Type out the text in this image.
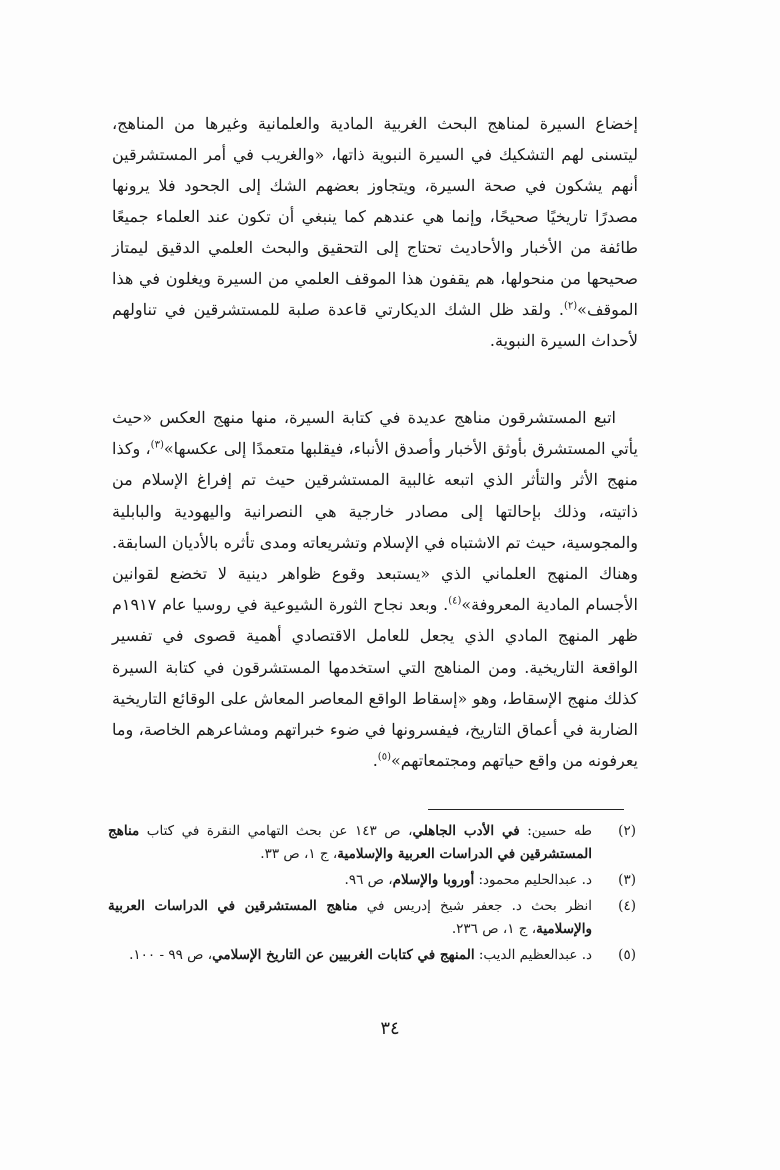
إخضاع السيرة لمناهج البحث الغربية المادية والعلمانية وغيرها من المناهج، ليتسنى لهم التشكيك في السيرة النبوية ذاتها، «والغريب في أمر المستشرقين أنهم يشكون في صحة السيرة، ويتجاوز بعضهم الشك إلى الجحود فلا يرونها مصدرًا تاريخيًا صحيحًا، وإنما هي عندهم كما ينبغي أن تكون عند العلماء جميعًا طائفة من الأخبار والأحاديث تحتاج إلى التحقيق والبحث العلمي الدقيق ليمتاز صحيحها من منحولها، هم يقفون هذا الموقف العلمي من السيرة ويغلون في هذا الموقف»$^{(٢)}$. ولقد ظل الشك الديكارتي قاعدة صلبة للمستشرقين في تناولهم لأحداث السيرة النبوية.

اتبع المستشرقون مناهج عديدة في كتابة السيرة، منها منهج العكس «حيث يأتي المستشرق بأوثق الأخبار وأصدق الأنباء، فيقلبها متعمدًا إلى عكسها»$^{(٣)}$، وكذا منهج الأثر والتأثر الذي اتبعه غالبية المستشرقين حيث تم إفراغ الإسلام من ذاتيته، وذلك بإحالتها إلى مصادر خارجية هي النصرانية واليهودية والبابلية والمجوسية، حيث تم الاشتباه في الإسلام وتشريعاته ومدى تأثره بالأديان السابقة. وهناك المنهج العلماني الذي «يستبعد وقوع ظواهر دينية لا تخضع لقوانين الأجسام المادية المعروفة»$^{(٤)}$. وبعد نجاح الثورة الشيوعية في روسيا عام ١٩١٧م ظهر المنهج المادي الذي يجعل للعامل الاقتصادي أهمية قصوى في تفسير الواقعة التاريخية. ومن المناهج التي استخدمها المستشرقون في كتابة السيرة كذلك منهج الإسقاط، وهو «إسقاط الواقع المعاصر المعاش على الوقائع التاريخية الضاربة في أعماق التاريخ، فيفسرونها في ضوء خبراتهم ومشاعرهم الخاصة، وما يعرفونه من واقع حياتهم ومجتمعاتهم»$^{(٥)}$.

(٢)
طه حسين: في الأدب الجاهلي، ص ١٤٣ عن بحث التهامي النقرة في كتاب مناهج المستشرقين في الدراسات العربية والإسلامية، ج ١، ص ٣٣.
(٣)
د. عبدالحليم محمود: أوروبا والإسلام، ص ٩٦.
(٤)
انظر بحث د. جعفر شيخ إدريس في مناهج المستشرقين في الدراسات العربية والإسلامية، ج ١، ص ٢٣٦.
(٥)
د. عبدالعظيم الديب: المنهج في كتابات الغربيين عن التاريخ الإسلامي، ص ٩٩ - ١٠٠.
٣٤
